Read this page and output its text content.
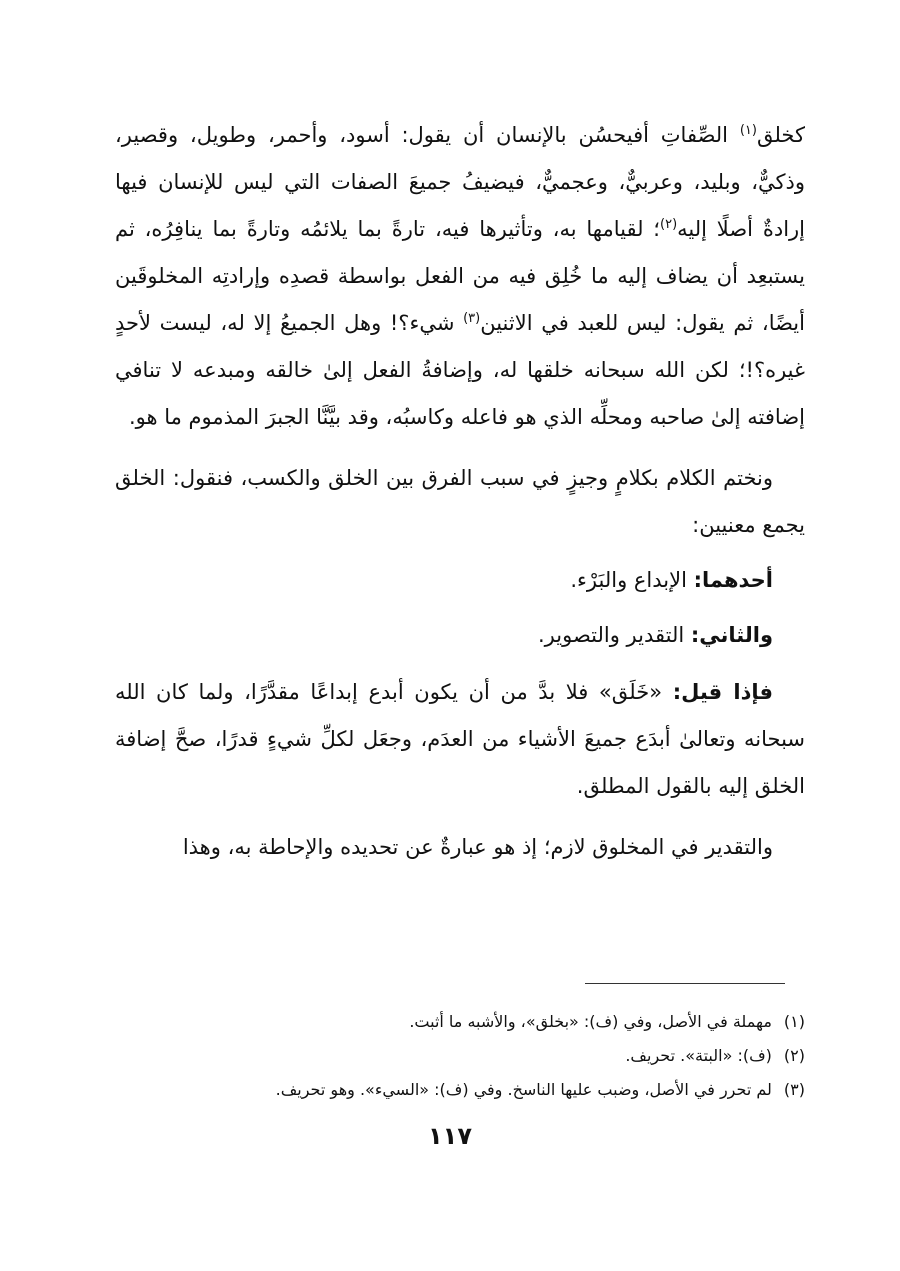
كخلق$^{(١)}$ الصِّفاتِ أفيحسُن بالإنسان أن يقول: أسود، وأحمر، وطويل، وقصير، وذكيٌّ، وبليد، وعربيٌّ، وعجميٌّ، فيضيفُ جميعَ الصفات التي ليس للإنسان فيها إرادةٌ أصلًا إليه$^{(٢)}$؛ لقيامها به، وتأثيرها فيه، تارةً بما يلائمُه وتارةً بما ينافِرُه، ثم يستبعِد أن يضاف إليه ما خُلِق فيه من الفعل بواسطة قصدِه وإرادتِه المخلوقَين أيضًا، ثم يقول: ليس للعبد في الاثنين$^{(٣)}$ شيء؟! وهل الجميعُ إلا له، ليست لأحدٍ غيره؟!؛ لكن الله سبحانه خلقها له، وإضافةُ الفعل إلىٰ خالقه ومبدعه لا تنافي إضافته إلىٰ صاحبه ومحلِّه الذي هو فاعله وكاسبُه، وقد بيَّنَّا الجبرَ المذموم ما هو.

ونختم الكلام بكلامٍ وجيزٍ في سبب الفرق بين الخلق والكسب، فنقول: الخلق يجمع معنيين:

أحدهما: الإبداع والبَرْء.

والثاني: التقدير والتصوير.

فإذا قيل: «خَلَق» فلا بدَّ من أن يكون أبدع إبداعًا مقدَّرًا، ولما كان الله سبحانه وتعالىٰ أبدَع جميعَ الأشياء من العدَم، وجعَل لكلِّ شيءٍ قدرًا، صحَّ إضافة الخلق إليه بالقول المطلق.

والتقدير في المخلوق لازم؛ إذ هو عبارةٌ عن تحديده والإحاطة به، وهذا

(١)مهملة في الأصل، وفي (ف): «بخلق»، والأشبه ما أثبت.
(٢)(ف): «البتة». تحريف.
(٣)لم تحرر في الأصل، وضبب عليها الناسخ. وفي (ف): «السيء». وهو تحريف.
١١٧
